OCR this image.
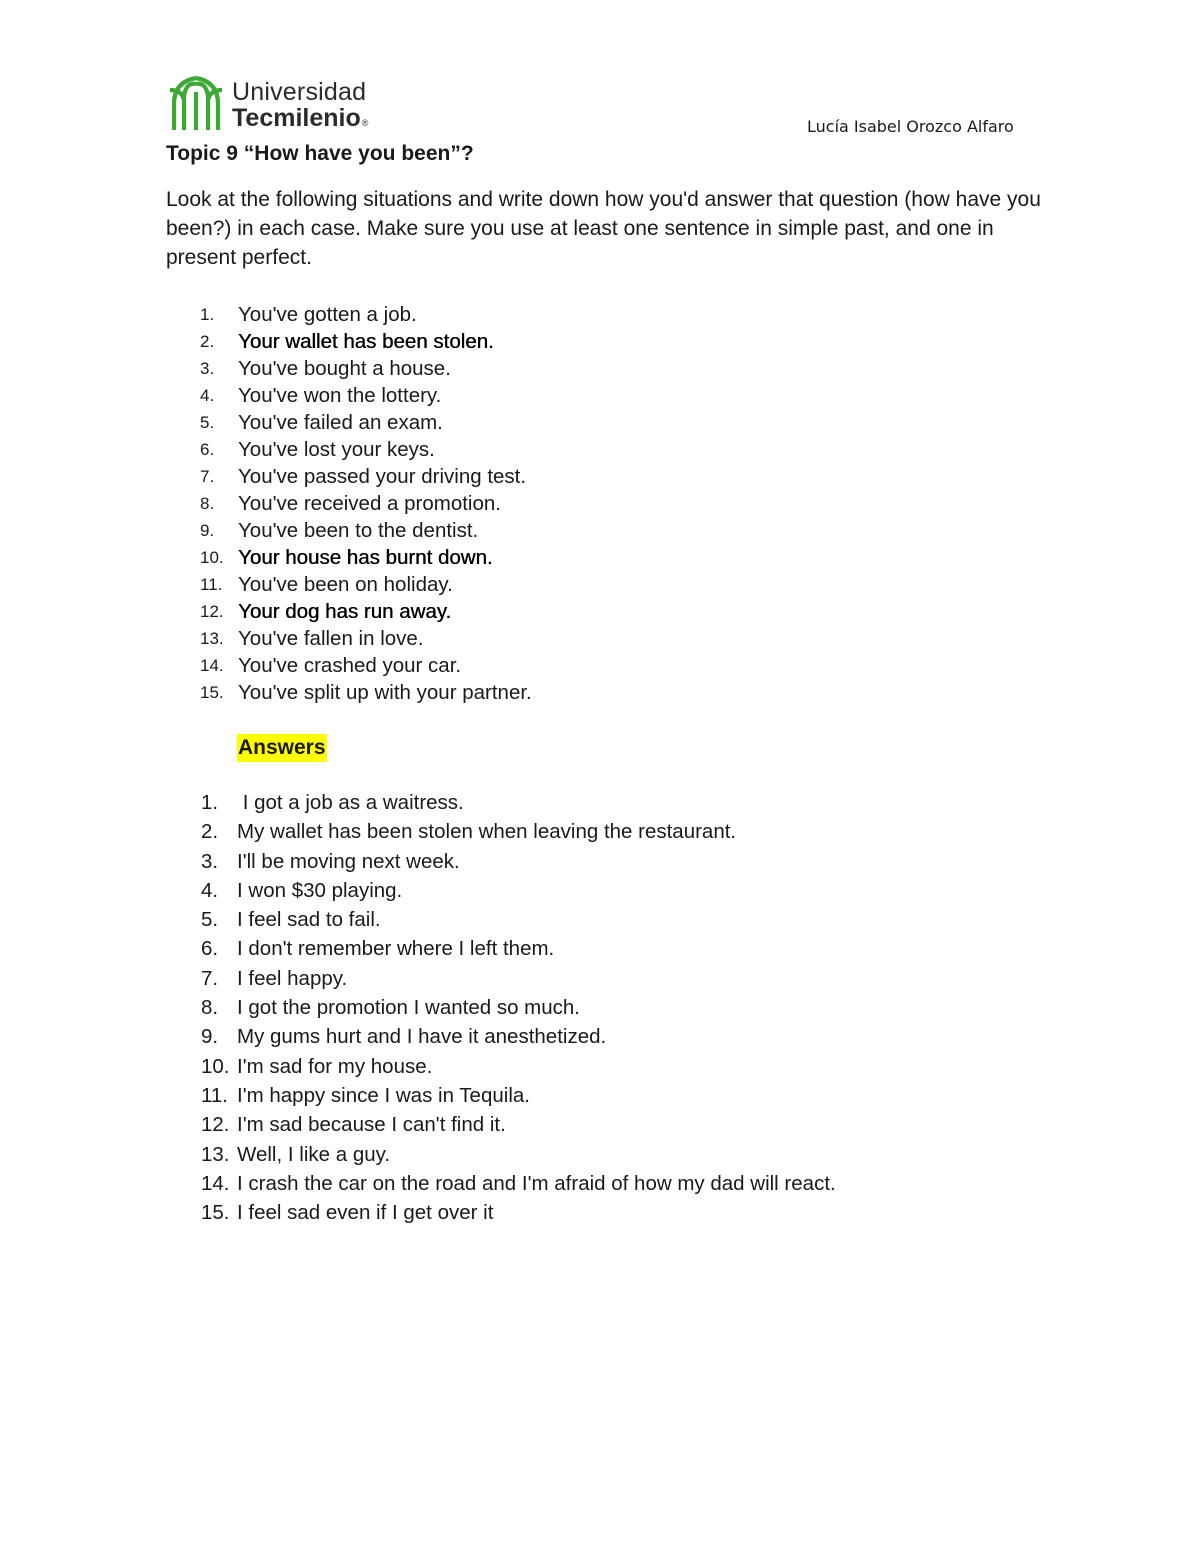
Universidad
Tecmilenio®	Lucía Isabel Orozco Alfaro
Topic 9 “How have you been”?
Look at the following situations and write down how you'd answer that question (how have you been?) in each case. Make sure you use at least one sentence in simple past, and one in present perfect.
1.	You've gotten a job.
2.	Your wallet has been stolen.
3.	You've bought a house.
4.	You've won the lottery.
5.	You've failed an exam.
6.	You've lost your keys.
7.	You've passed your driving test.
8.	You've received a promotion.
9.	You've been to the dentist.
10. Your house has burnt down.
11. You've been on holiday.
12. Your dog has run away.
13. You've fallen in love.
14. You've crashed your car.
15. You've split up with your partner.
Answers
1. I got a job as a waitress.
2. My wallet has been stolen when leaving the restaurant.
3. I'll be moving next week.
4. I won $30 playing.
5. I feel sad to fail.
6. I don't remember where I left them.
7. I feel happy.
8. I got the promotion I wanted so much.
9. My gums hurt and I have it anesthetized.
10. I'm sad for my house.
11. I'm happy since I was in Tequila.
12. I'm sad because I can't find it.
13. Well, I like a guy.
14. I crash the car on the road and I'm afraid of how my dad will react.
15. I feel sad even if I get over it
